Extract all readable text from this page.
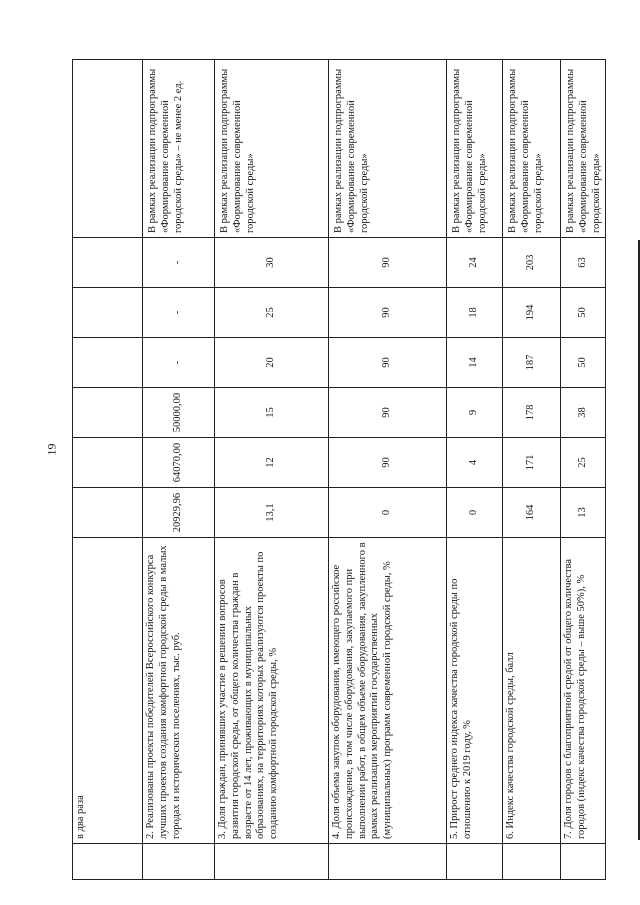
19
	в два раза							
	2. Реализованы проекты победителей Всероссийского конкурса лучших проектов создания комфортной городской среды в малых городах и исторических поселениях, тыс. руб.	20929,96	64070,00	50000,00	-	-	-	В рамках реализации подпрограммы «Формирование современной городской среды» – не менее 2 ед.
	3. Доля граждан, принявших участие в решении вопросов развития городской среды, от общего количества граждан в возрасте от 14 лет, проживающих в муниципальных образованиях, на территориях которых реализуются проекты по созданию комфортной городской среды, %	13,1	12	15	20	25	30	В рамках реализации подпрограммы «Формирование современной городской среды»
	4. Доля объема закупок оборудования, имеющего российское происхождение, в том числе оборудования, закупаемого при выполнении работ, в общем объеме оборудования, закупленного в рамках реализации мероприятий государственных (муниципальных) программ современной городской среды, %	0	90	90	90	90	90	В рамках реализации подпрограммы «Формирование современной городской среды»
	5. Прирост среднего индекса качества городской среды по отношению к 2019 году, %	0	4	9	14	18	24	В рамках реализации подпрограммы «Формирование современной городской среды»
	6. Индекс качества городской среды, балл	164	171	178	187	194	203	В рамках реализации подпрограммы «Формирование современной городской среды»
	7. Доля городов с благоприятной средой от общего количества городов (индекс качества городской среды – выше 50%), %	13	25	38	50	50	63	В рамках реализации подпрограммы «Формирование современной городской среды»
